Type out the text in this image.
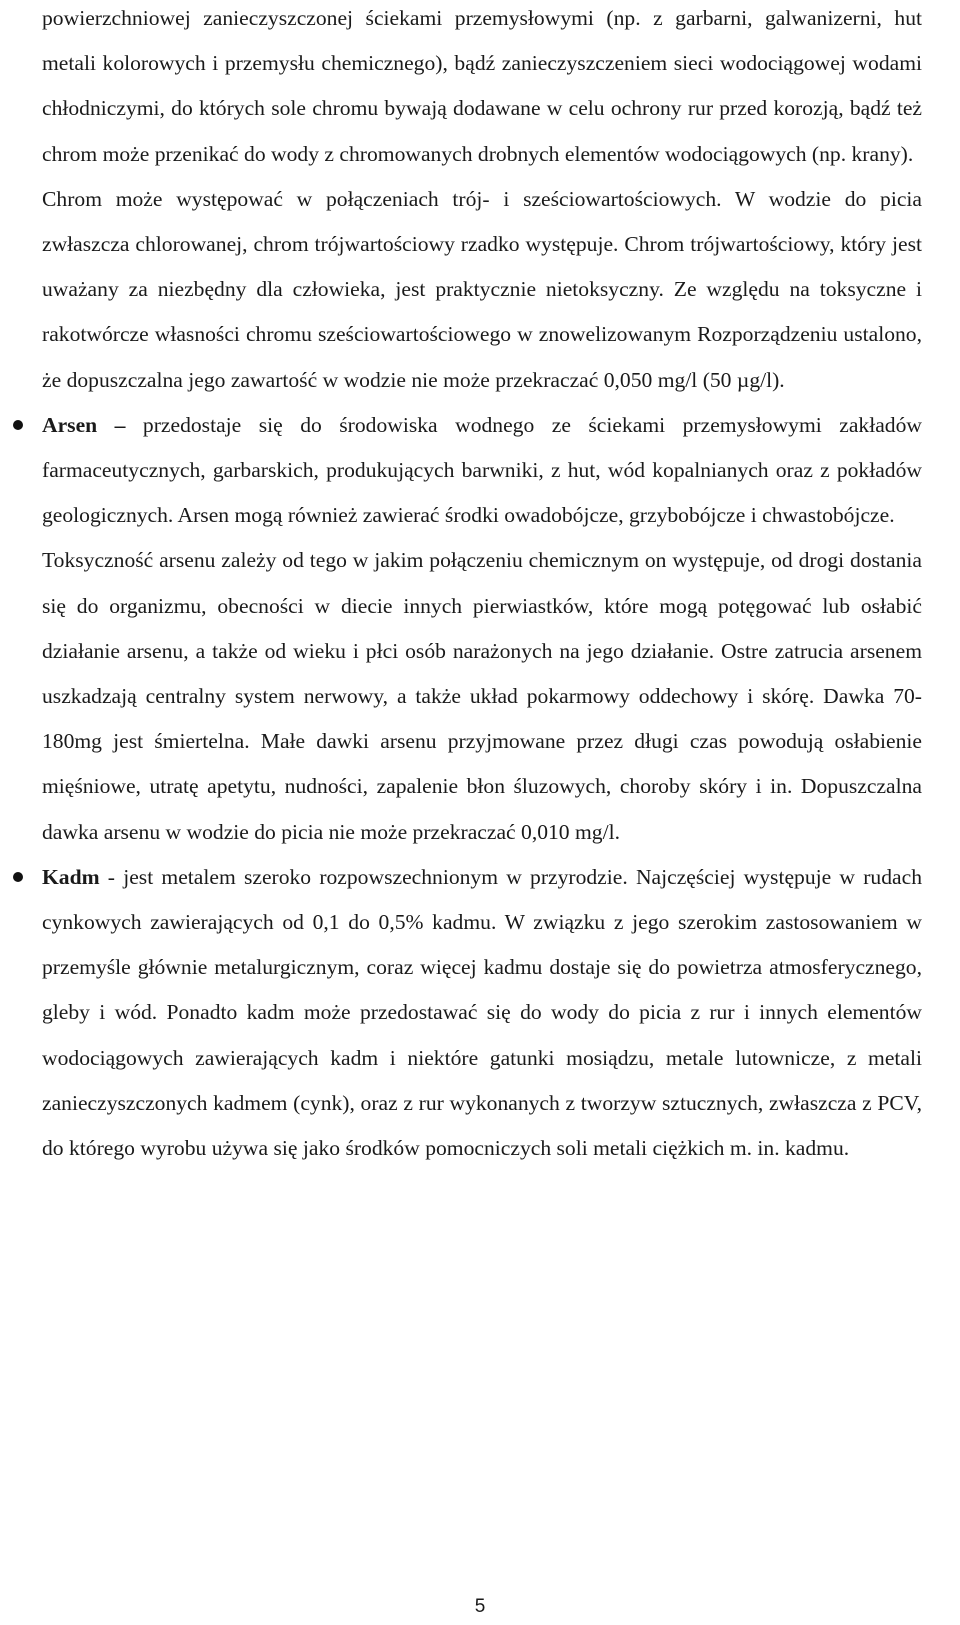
powierzchniowej zanieczyszczonej ściekami przemysłowymi (np. z garbarni, galwanizerni, hut metali kolorowych i przemysłu chemicznego), bądź zanieczyszczeniem sieci wodociągowej wodami chłodniczymi, do których sole chromu bywają dodawane w celu ochrony rur przed korozją, bądź też chrom może przenikać do wody z chromowanych drobnych elementów wodociągowych (np. krany).

Chrom może występować w połączeniach trój- i sześciowartościowych. W wodzie do picia zwłaszcza chlorowanej, chrom trójwartościowy rzadko występuje. Chrom trójwartościowy, który jest uważany za niezbędny dla człowieka, jest praktycznie nietoksyczny. Ze względu na toksyczne i rakotwórcze własności chromu sześciowartościowego w znowelizowanym Rozporządzeniu ustalono, że dopuszczalna jego zawartość w wodzie nie może przekraczać 0,050 mg/l (50 µg/l).

Arsen – przedostaje się do środowiska wodnego ze ściekami przemysłowymi zakładów farmaceutycznych, garbarskich, produkujących barwniki, z hut, wód kopalnianych oraz z pokładów geologicznych. Arsen mogą również zawierać środki owadobójcze, grzybobójcze i chwastobójcze.

Toksyczność arsenu zależy od tego w jakim połączeniu chemicznym on występuje, od drogi dostania się do organizmu, obecności w diecie innych pierwiastków, które mogą potęgować lub osłabić działanie arsenu, a także od wieku i płci osób narażonych na jego działanie. Ostre zatrucia arsenem uszkadzają centralny system nerwowy, a także układ pokarmowy oddechowy i skórę. Dawka 70-180mg jest śmiertelna. Małe dawki arsenu przyjmowane przez długi czas powodują osłabienie mięśniowe, utratę apetytu, nudności, zapalenie błon śluzowych, choroby skóry i in. Dopuszczalna dawka arsenu w wodzie do picia nie może przekraczać 0,010 mg/l.

Kadm - jest metalem szeroko rozpowszechnionym w przyrodzie. Najczęściej występuje w rudach cynkowych zawierających od 0,1 do 0,5% kadmu. W związku z jego szerokim zastosowaniem w przemyśle głównie metalurgicznym, coraz więcej kadmu dostaje się do powietrza atmosferycznego, gleby i wód. Ponadto kadm może przedostawać się do wody do picia z rur i innych elementów wodociągowych zawierających kadm i niektóre gatunki mosiądzu, metale lutownicze, z metali zanieczyszczonych kadmem (cynk), oraz z rur wykonanych z tworzyw sztucznych, zwłaszcza z PCV, do którego wyrobu używa się jako środków pomocniczych soli metali ciężkich m. in. kadmu.

5
